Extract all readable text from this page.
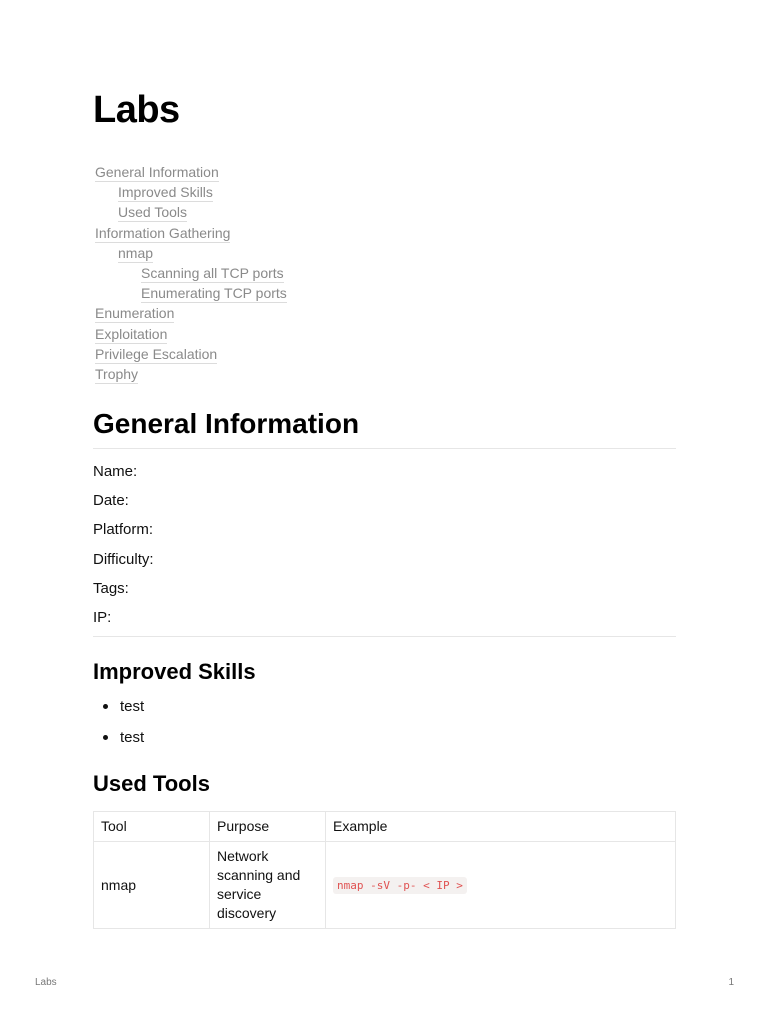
Labs
General Information
Improved Skills
Used Tools
Information Gathering
nmap
Scanning all TCP ports
Enumerating TCP ports
Enumeration
Exploitation
Privilege Escalation
Trophy
General Information
Name:
Date:
Platform:
Difficulty:
Tags:
IP:
Improved Skills
test
test
Used Tools
Tool	Purpose	Example
nmap	Network scanning and service discovery	nmap -sV -p- < IP >
Labs	1
